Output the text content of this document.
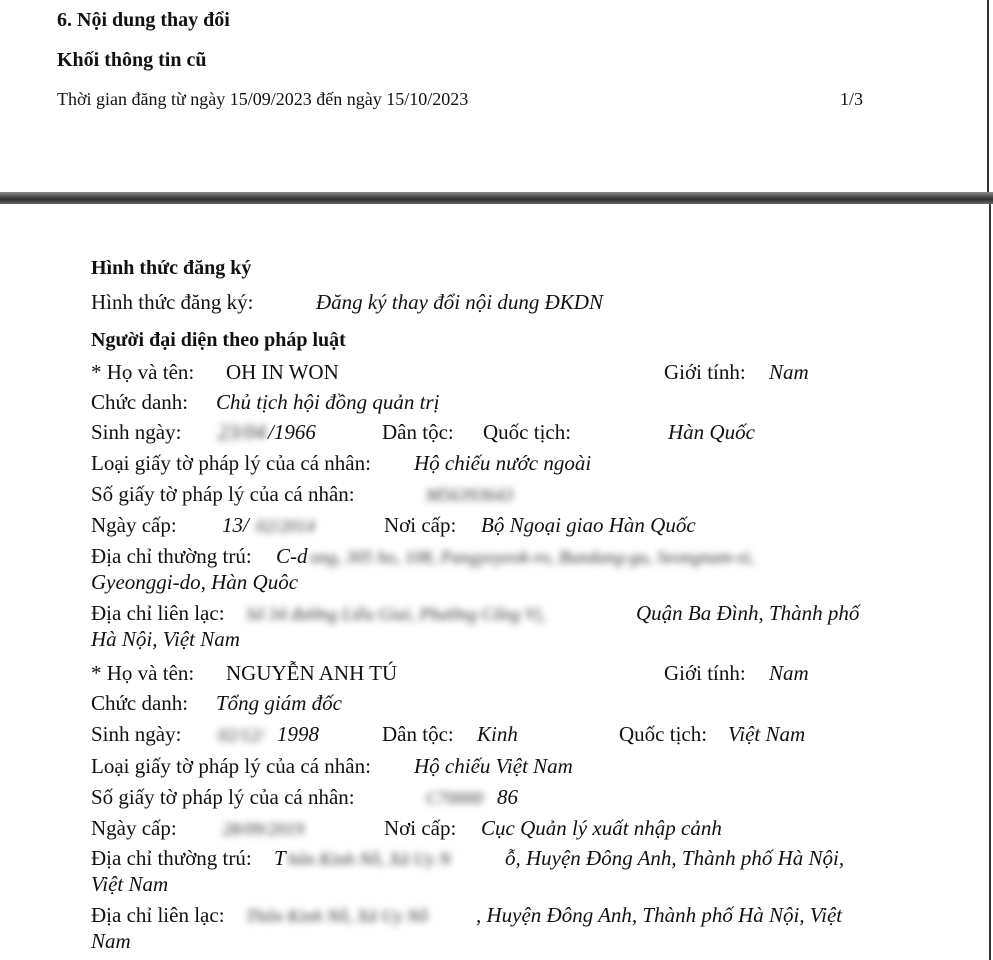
6. Nội dung thay đổi
Khối thông tin cũ
Thời gian đăng từ ngày 15/09/2023 đến ngày 15/10/2023	1/3
Hình thức đăng ký
Hình thức đăng ký:	Đăng ký thay đổi nội dung ĐKDN
Người đại diện theo pháp luật
* Họ và tên: OH IN WON	Giới tính: Nam
Chức danh: Chủ tịch hội đồng quản trị
Sinh ngày: 23/04 /1966	Dân tộc: Quốc tịch:	Hàn Quốc
Loại giấy tờ pháp lý của cá nhân: Hộ chiếu nước ngoài
Số giấy tờ pháp lý của cá nhân:	M56393643
Ngày cấp: 13/ 02/2014	Nơi cấp: Bộ Ngoại giao Hàn Quốc
Địa chỉ thường trú: C-d ong, 305 ho, 108, Pangyoyeok-ro, Bundang-gu, Seongnam-si,
Gyeonggi-do, Hàn Quôc
Địa chỉ liên lạc: Số 34 đường Liễu Giai, Phường Cống Vị,	Quận Ba Đình, Thành phố
Hà Nội, Việt Nam
* Họ và tên: NGUYỄN ANH TÚ	Giới tính: Nam
Chức danh: Tổng giám đốc
Sinh ngày: 02/12/ 1998	Dân tộc: Kinh	Quốc tịch: Việt Nam
Loại giấy tờ pháp lý của cá nhân: Hộ chiếu Việt Nam
Số giấy tờ pháp lý của cá nhân:	C70000 86
Ngày cấp:	28/09/2019	Nơi cấp: Cục Quản lý xuất nhập cảnh
Địa chỉ thường trú: T hôn Kinh Nỗ, Xã Uy N	ỗ, Huyện Đông Anh, Thành phố Hà Nội,
Việt Nam
Địa chỉ liên lạc: Thôn Kinh Nỗ, Xã Uy Nỗ , Huyện Đông Anh, Thành phố Hà Nội, Việt
Nam
